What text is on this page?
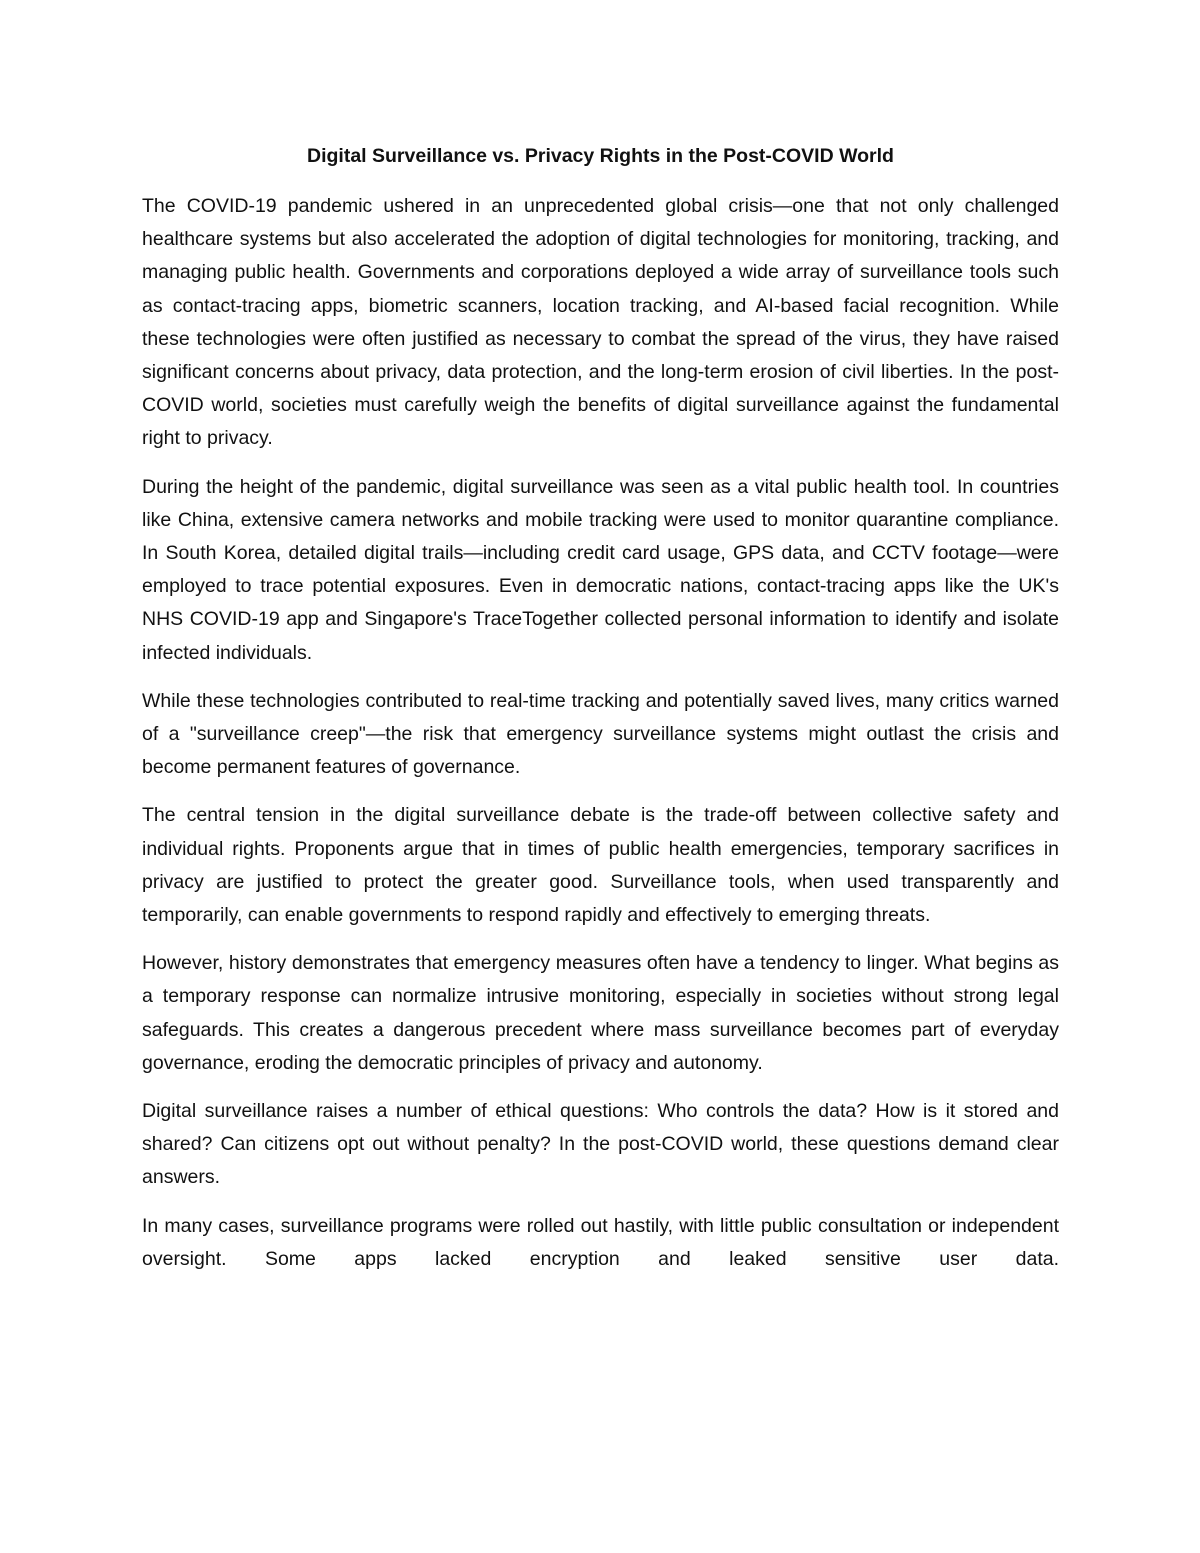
Digital Surveillance vs. Privacy Rights in the Post-COVID World

The COVID-19 pandemic ushered in an unprecedented global crisis—one that not only challenged healthcare systems but also accelerated the adoption of digital technologies for monitoring, tracking, and managing public health. Governments and corporations deployed a wide array of surveillance tools such as contact-tracing apps, biometric scanners, location tracking, and AI-based facial recognition. While these technologies were often justified as necessary to combat the spread of the virus, they have raised significant concerns about privacy, data protection, and the long-term erosion of civil liberties. In the post-COVID world, societies must carefully weigh the benefits of digital surveillance against the fundamental right to privacy.

During the height of the pandemic, digital surveillance was seen as a vital public health tool. In countries like China, extensive camera networks and mobile tracking were used to monitor quarantine compliance. In South Korea, detailed digital trails—including credit card usage, GPS data, and CCTV footage—were employed to trace potential exposures. Even in democratic nations, contact-tracing apps like the UK's NHS COVID-19 app and Singapore's TraceTogether collected personal information to identify and isolate infected individuals.

While these technologies contributed to real-time tracking and potentially saved lives, many critics warned of a "surveillance creep"—the risk that emergency surveillance systems might outlast the crisis and become permanent features of governance.

The central tension in the digital surveillance debate is the trade-off between collective safety and individual rights. Proponents argue that in times of public health emergencies, temporary sacrifices in privacy are justified to protect the greater good. Surveillance tools, when used transparently and temporarily, can enable governments to respond rapidly and effectively to emerging threats.

However, history demonstrates that emergency measures often have a tendency to linger. What begins as a temporary response can normalize intrusive monitoring, especially in societies without strong legal safeguards. This creates a dangerous precedent where mass surveillance becomes part of everyday governance, eroding the democratic principles of privacy and autonomy.

Digital surveillance raises a number of ethical questions: Who controls the data? How is it stored and shared? Can citizens opt out without penalty? In the post-COVID world, these questions demand clear answers.

In many cases, surveillance programs were rolled out hastily, with little public consultation or independent oversight. Some apps lacked encryption and leaked sensitive user data.
